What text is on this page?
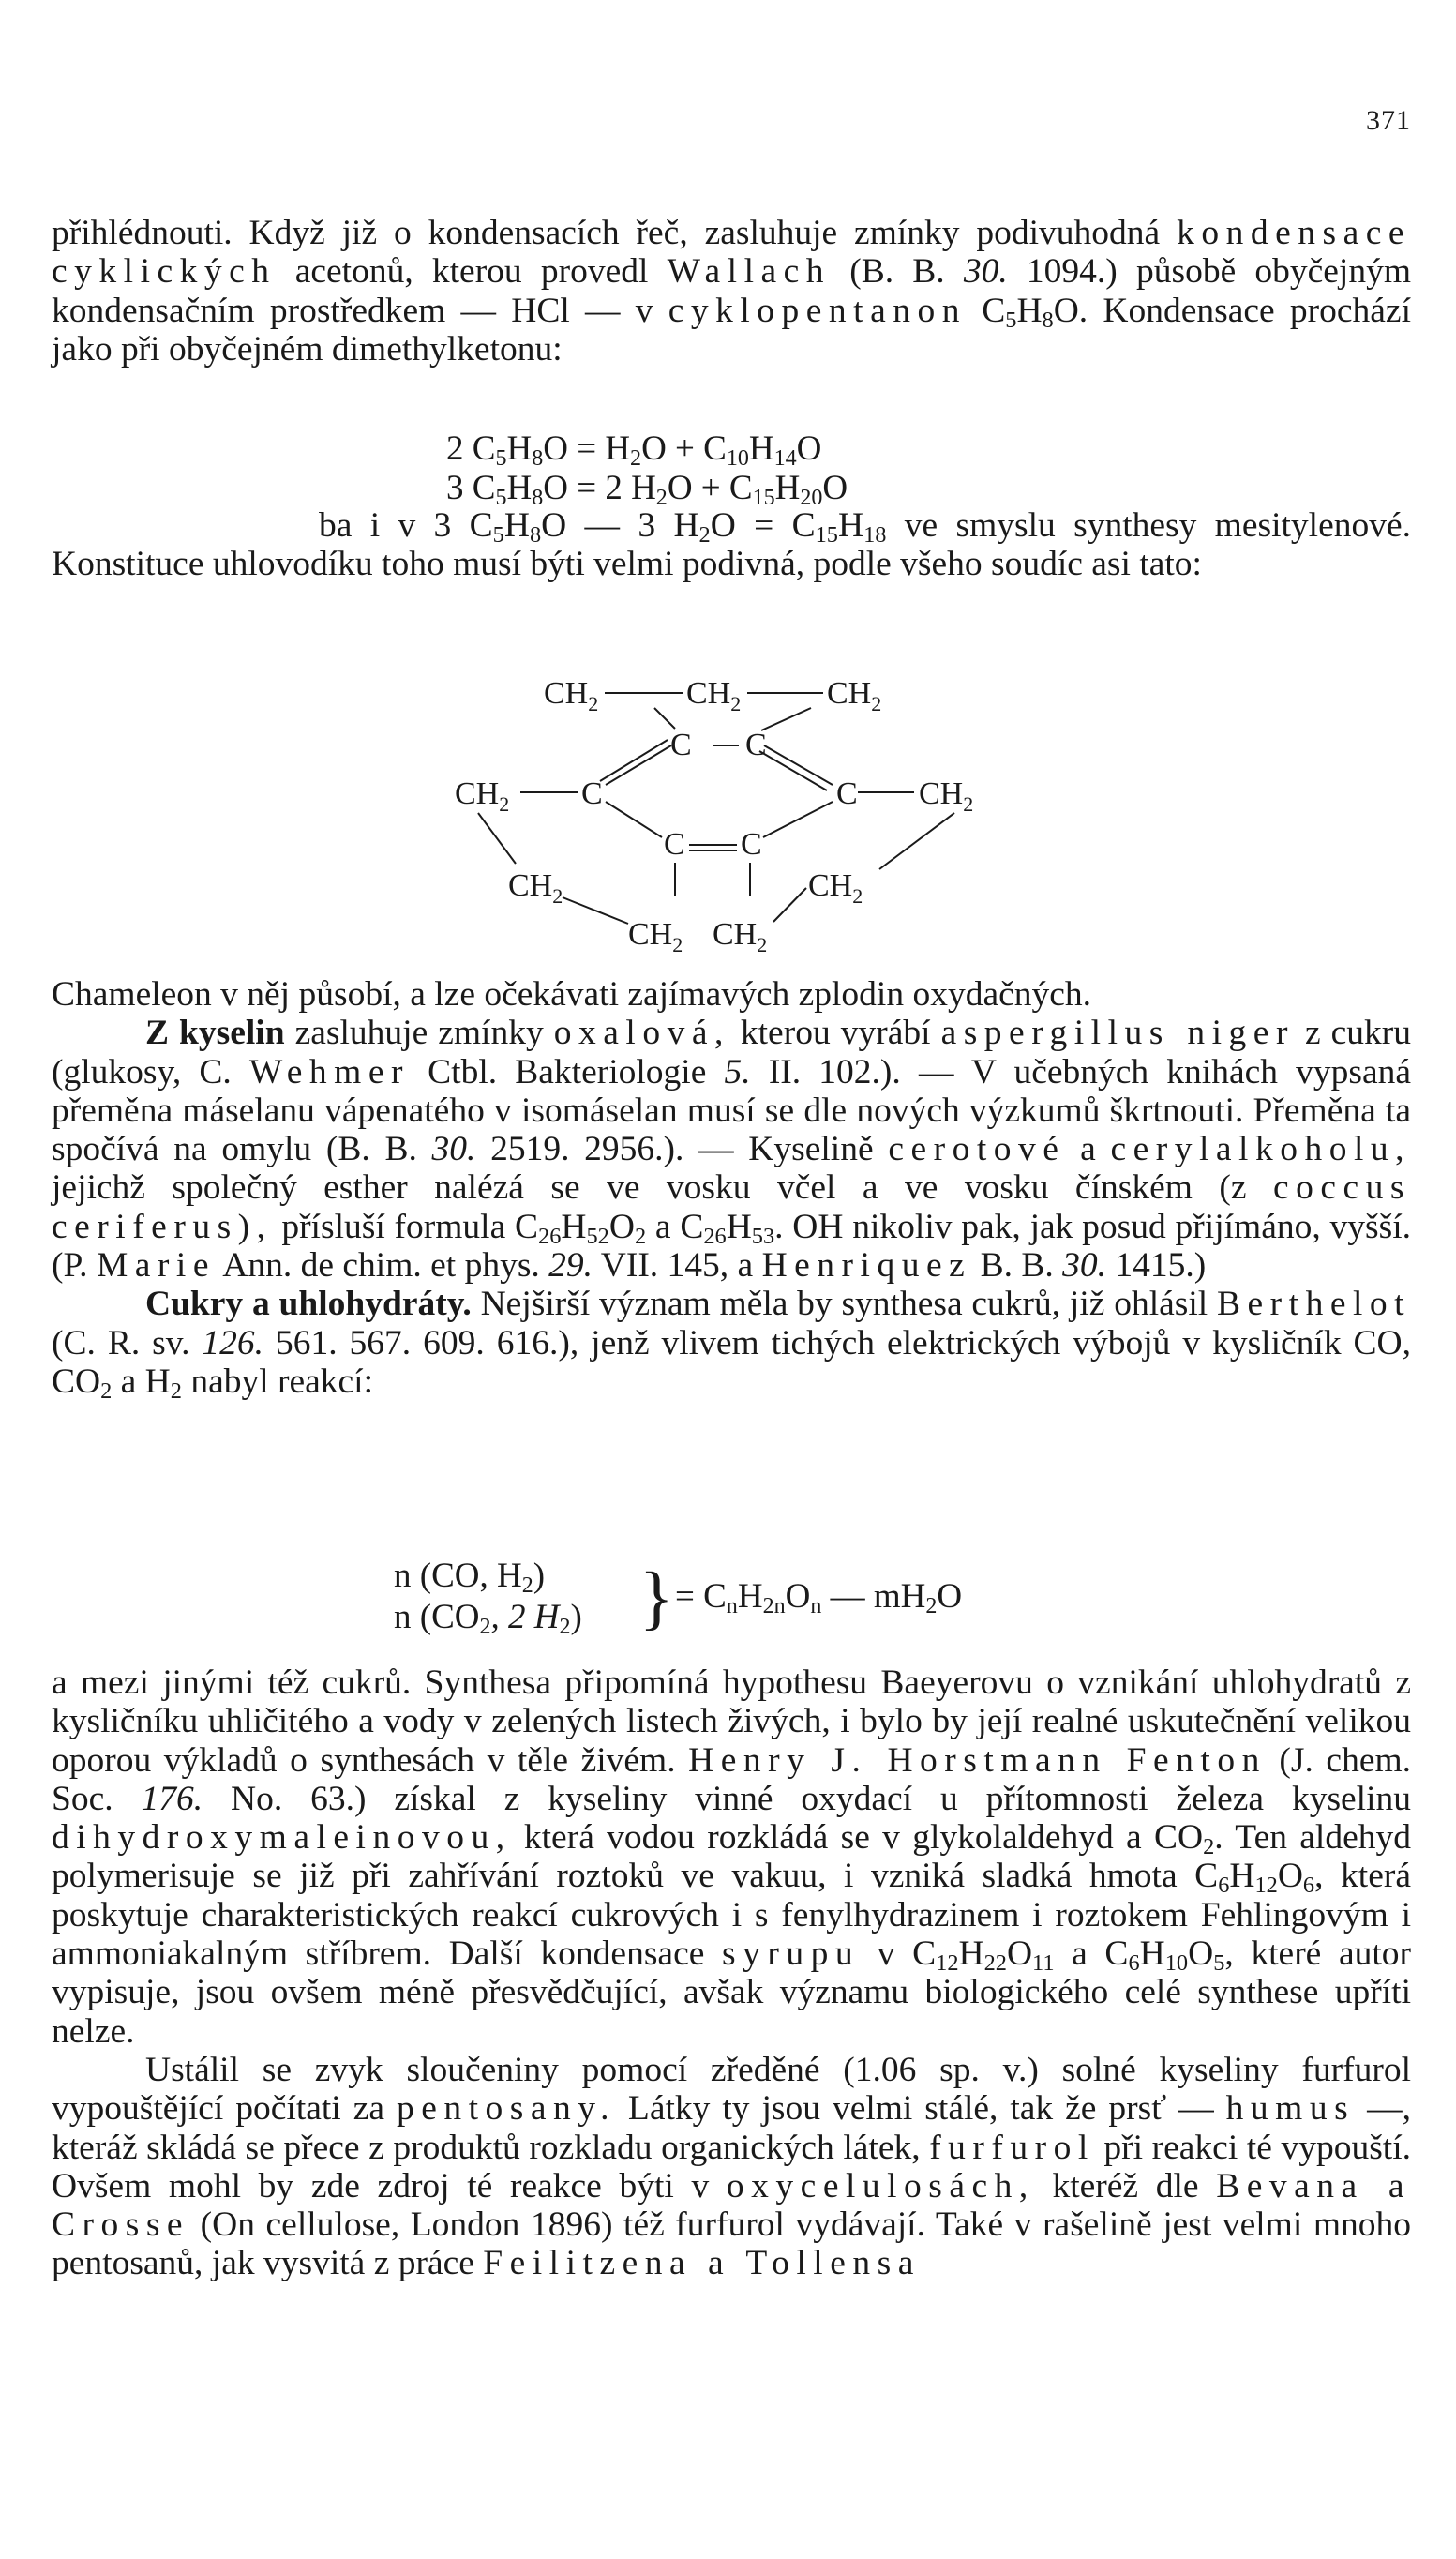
371

přihlédnouti. Když již o kondensacích řeč, zasluhuje zmínky podivuhodná kondensace cyklických acetonů, kterou provedl Wallach (B. B. 30. 1094.) působě obyčejným kondensačním prostředkem — HCl — v cyklopentanon $C_5H_8O$. Kondensace prochází jako při obyčejném dimethylketonu:

2 $C_5H_8O = H_2O + C_{10}H_{14}O$
3 $C_5H_8O = 2$ $H_2O + C_{15}H_{20}O$

ba i v 3 $C_5H_8O$ — 3 $H_2O = C_{15}H_{18}$ ve smyslu synthesy mesitylenové. Konstituce uhlovodíku toho musí býti velmi podivná, podle všeho soudíc asi tato:

$CH_2$	$CH_2$	$CH_2$
C C
$CH_2$ C	C $CH_2$
C C
$CH_2$	$CH_2$
$CH_2$ $CH_2$

Chameleon v něj působí, a lze očekávati zajímavých zplodin oxydačných.

Z kyselin zasluhuje zmínky oxalová, kterou vyrábí aspergillus niger z cukru (glukosy, C. Wehmer Ctbl. Bakteriologie 5. II. 102.). — V učebných knihách vypsaná přeměna máselanu vápenatého v isomáselan musí se dle nových výzkumů škrtnouti. Přeměna ta spočívá na omylu (B. B. 30. 2519. 2956.). — Kyselině cerotové a cerylalkoholu, jejichž společný esther nalézá se ve vosku včel a ve vosku čínském (z coccus ceriferus), přísluší formula $C_{26}H_{52}O_2$ a $C_{26}H_{53}$. OH nikoliv pak, jak posud přijímáno, vyšší. (P. Marie Ann. de chim. et phys. 29. VII. 145, a Henriquez B. B. 30. 1415.)

Cukry a uhlohydráty. Nejširší význam měla by synthesa cukrů, již ohlásil Berthelot (C. R. sv. 126. 561. 567. 609. 616.), jenž vlivem tichých elektrických výbojů v kysličník CO, $CO_2$ a $H_2$ nabyl reakcí:

n (CO, $H_2$)
n ($CO_2$, 2 $H_2$) } = $C_nH_{2n}O_n$ — $mH_2O$

a mezi jinými též cukrů. Synthesa připomíná hypothesu Baeyerovu o vznikání uhlohydratů z kysličníku uhličitého a vody v zelených listech živých, i bylo by její realné uskutečnění velikou oporou výkladů o synthesách v těle živém. Henry J. Horstmann Fenton (J. chem. Soc. 176. No. 63.) získal z kyseliny vinné oxydací u přítomnosti železa kyselinu dihydroxymaleinovou, která vodou rozkládá se v glykolaldehyd a $CO_2$. Ten aldehyd polymerisuje se již při zahřívání roztoků ve vakuu, i vzniká sladká hmota $C_6H_{12}O_6$, která poskytuje charakteristických reakcí cukrových i s fenylhydrazinem i roztokem Fehlingovým i ammoniakalným stříbrem. Další kondensace syrupu v $C_{12}H_{22}O_{11}$ a $C_6H_{10}O_5$, které autor vypisuje, jsou ovšem méně přesvědčující, avšak významu biologického celé synthese upříti nelze.

Ustálil se zvyk sloučeniny pomocí zředěné (1.06 sp. v.) solné kyseliny furfurol vypouštějící počítati za pentosany. Látky ty jsou velmi stálé, tak že prsť — humus —, kteráž skládá se přece z produktů rozkladu organických látek, furfurol při reakci té vypouští. Ovšem mohl by zde zdroj té reakce býti v oxycelulosách, kteréž dle Bevana a Crosse (On cellulose, London 1896) též furfurol vydávají. Také v rašelině jest velmi mnoho pentosanů, jak vysvitá z práce Feilitzena a Tollensa
